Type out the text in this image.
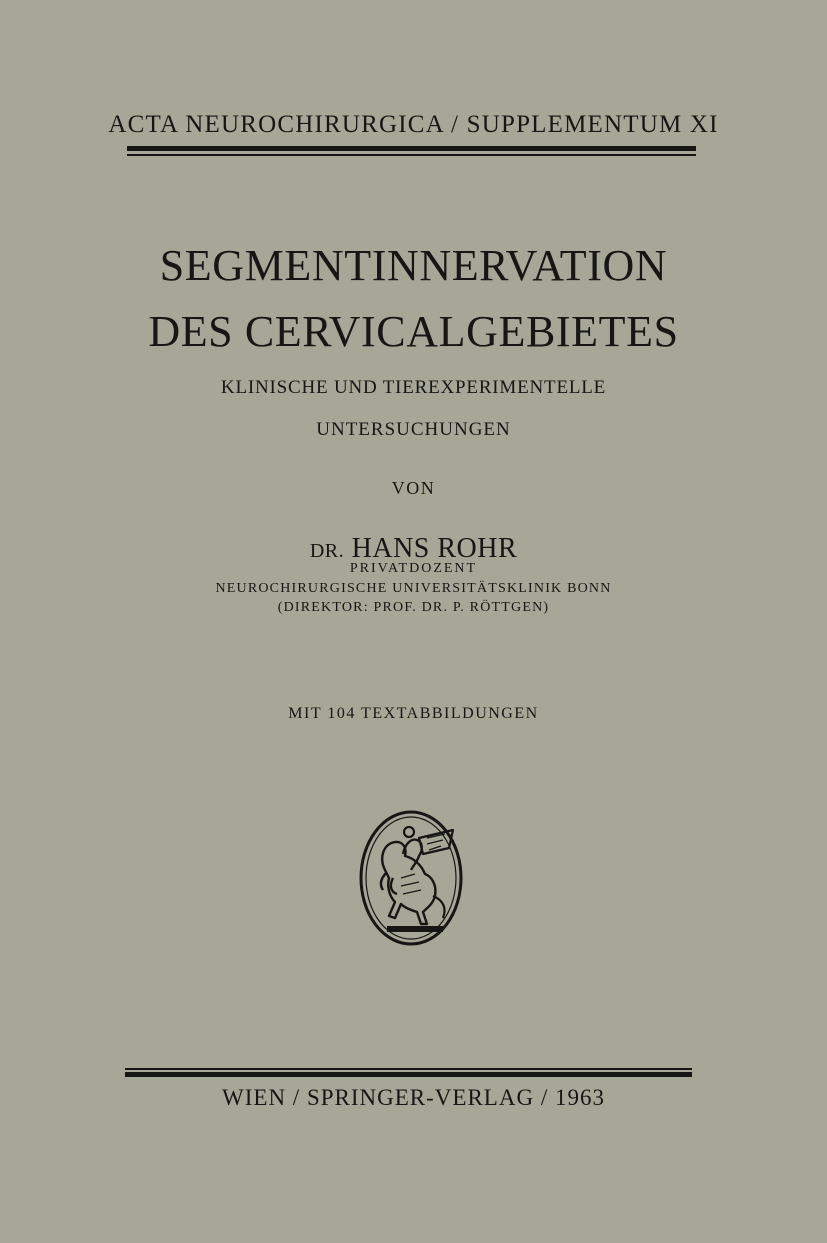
ACTA NEUROCHIRURGICA / SUPPLEMENTUM XI
SEGMENTINNERVATION
DES CERVICALGEBIETES
KLINISCHE UND TIEREXPERIMENTELLE
UNTERSUCHUNGEN
VON
DR. HANS ROHR
PRIVATDOZENT
NEUROCHIRURGISCHE UNIVERSITÄTSKLINIK BONN
(DIREKTOR: PROF. DR. P. RÖTTGEN)
MIT 104 TEXTABBILDUNGEN
WIEN / SPRINGER-VERLAG / 1963
